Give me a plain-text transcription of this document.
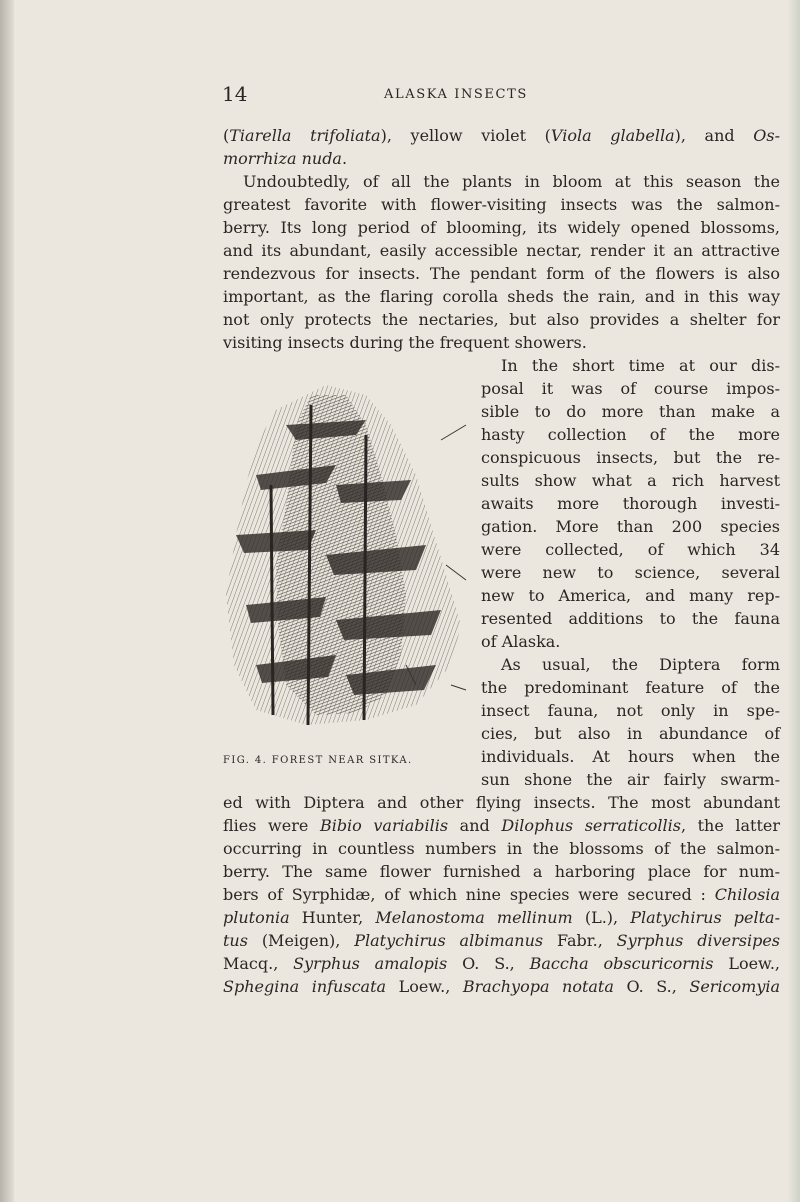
14	ALASKA INSECTS
(Tiarella trifoliata), yellow violet (Viola glabella), and Os-
morrhiza nuda.
Undoubtedly, of all the plants in bloom at this season the
greatest favorite with flower-visiting insects was the salmon-
berry. Its long period of blooming, its widely opened blossoms,
and its abundant, easily accessible nectar, render it an attractive
rendezvous for insects. The pendant form of the flowers is also
important, as the flaring corolla sheds the rain, and in this way
not only protects the nectaries, but also provides a shelter for
visiting insects during the frequent showers.
In the short time at our dis-
posal it was of course impos-
sible to do more than make a
hasty collection of the more
conspicuous insects, but the re-
sults show what a rich harvest
awaits more thorough investi-
gation. More than 200 species
were collected, of which 34
were new to science, several
new to America, and many rep-
resented additions to the fauna
of Alaska.
As usual, the Diptera form
the predominant feature of the
insect fauna, not only in spe-
cies, but also in abundance of
individuals. At hours when the
sun shone the air fairly swarm-
ed with Diptera and other flying insects. The most abundant
flies were Bibio variabilis and Dilophus serraticollis, the latter
occurring in countless numbers in the blossoms of the salmon-
berry. The same flower furnished a harboring place for num-
bers of Syrphidæ, of which nine species were secured : Chilosia
plutonia Hunter, Melanostoma mellinum (L.), Platychirus pelta-
tus (Meigen), Platychirus albimanus Fabr., Syrphus diversipes
Macq., Syrphus amalopis O. S., Baccha obscuricornis Loew.,
Sphegina infuscata Loew., Brachyopa notata O. S., Sericomyia
FIG. 4. FOREST NEAR SITKA.
